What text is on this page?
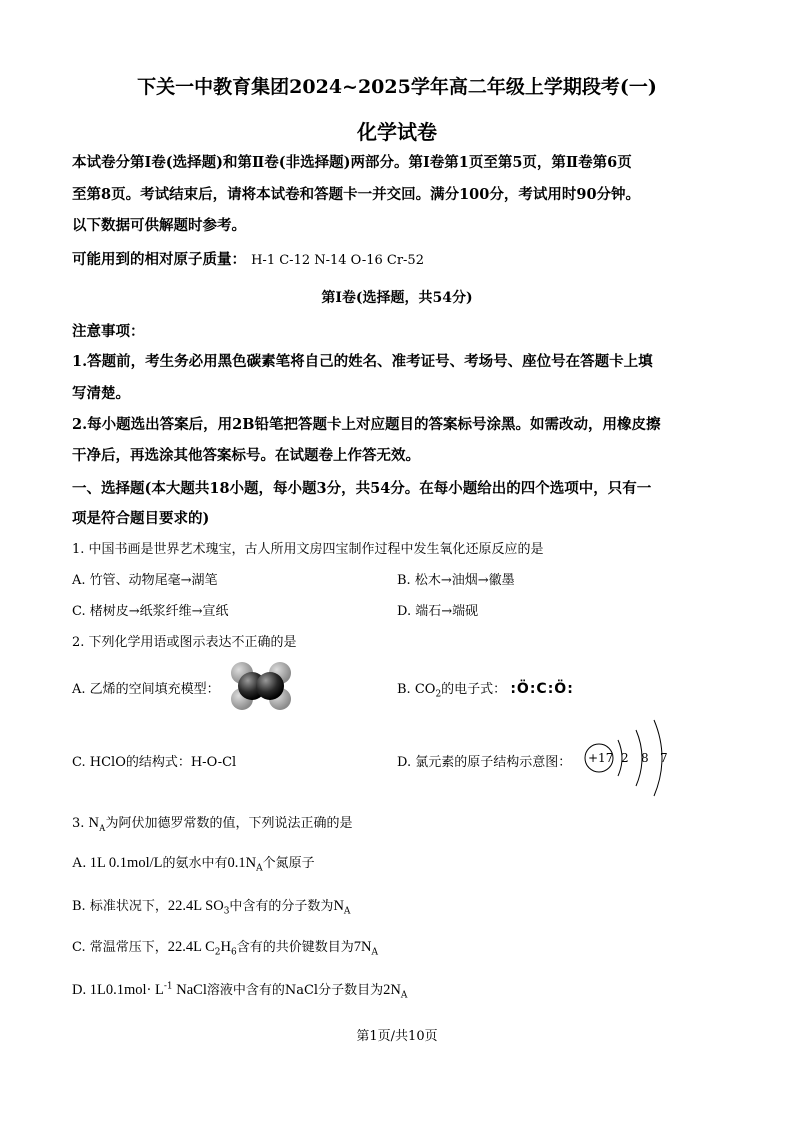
下关一中教育集团2024~2025学年高二年级上学期段考(一)
化学试卷
本试卷分第Ⅰ卷(选择题)和第Ⅱ卷(非选择题)两部分。第Ⅰ卷第1页至第5页，第Ⅱ卷第6页
至第8页。考试结束后，请将本试卷和答题卡一并交回。满分100分，考试用时90分钟。
以下数据可供解题时参考。
可能用到的相对原子质量： H-1 C-12 N-14 O-16 Cr-52
第Ⅰ卷(选择题，共54分)
注意事项：
1.答题前，考生务必用黑色碳素笔将自己的姓名、准考证号、考场号、座位号在答题卡上填
写清楚。
2.每小题选出答案后，用2B铅笔把答题卡上对应题目的答案标号涂黑。如需改动，用橡皮擦
干净后，再选涂其他答案标号。在试题卷上作答无效。
一、选择题(本大题共18小题，每小题3分，共54分。在每小题给出的四个选项中，只有一
项是符合题目要求的)
1. 中国书画是世界艺术瑰宝，古人所用文房四宝制作过程中发生氧化还原反应的是
A. 竹管、动物尾毫→湖笔	B. 松木→油烟→徽墨
C. 楮树皮→纸浆纤维→宣纸	D. 端石→端砚
2. 下列化学用语或图示表达不正确的是
A. 乙烯的空间填充模型：	B. $CO_2$的电子式： :Ö:C:Ö:
C. HClO的结构式：H-O-Cl	D. 氯元素的原子结构示意图： +17 2 8 7
3. $N_A$为阿伏加德罗常数的值，下列说法正确的是
A. 1L 0.1mol/L的氨水中有$0.1N_A$个氮原子
B. 标准状况下，22.4L $SO_3$中含有的分子数为$N_A$
C. 常温常压下，22.4L $C_2H_6$含有的共价键数目为$7N_A$
D. $1L0.1mol\cdot L^{-1}$ NaCl溶液中含有的NaCl分子数目为$2N_A$
第1页/共10页
